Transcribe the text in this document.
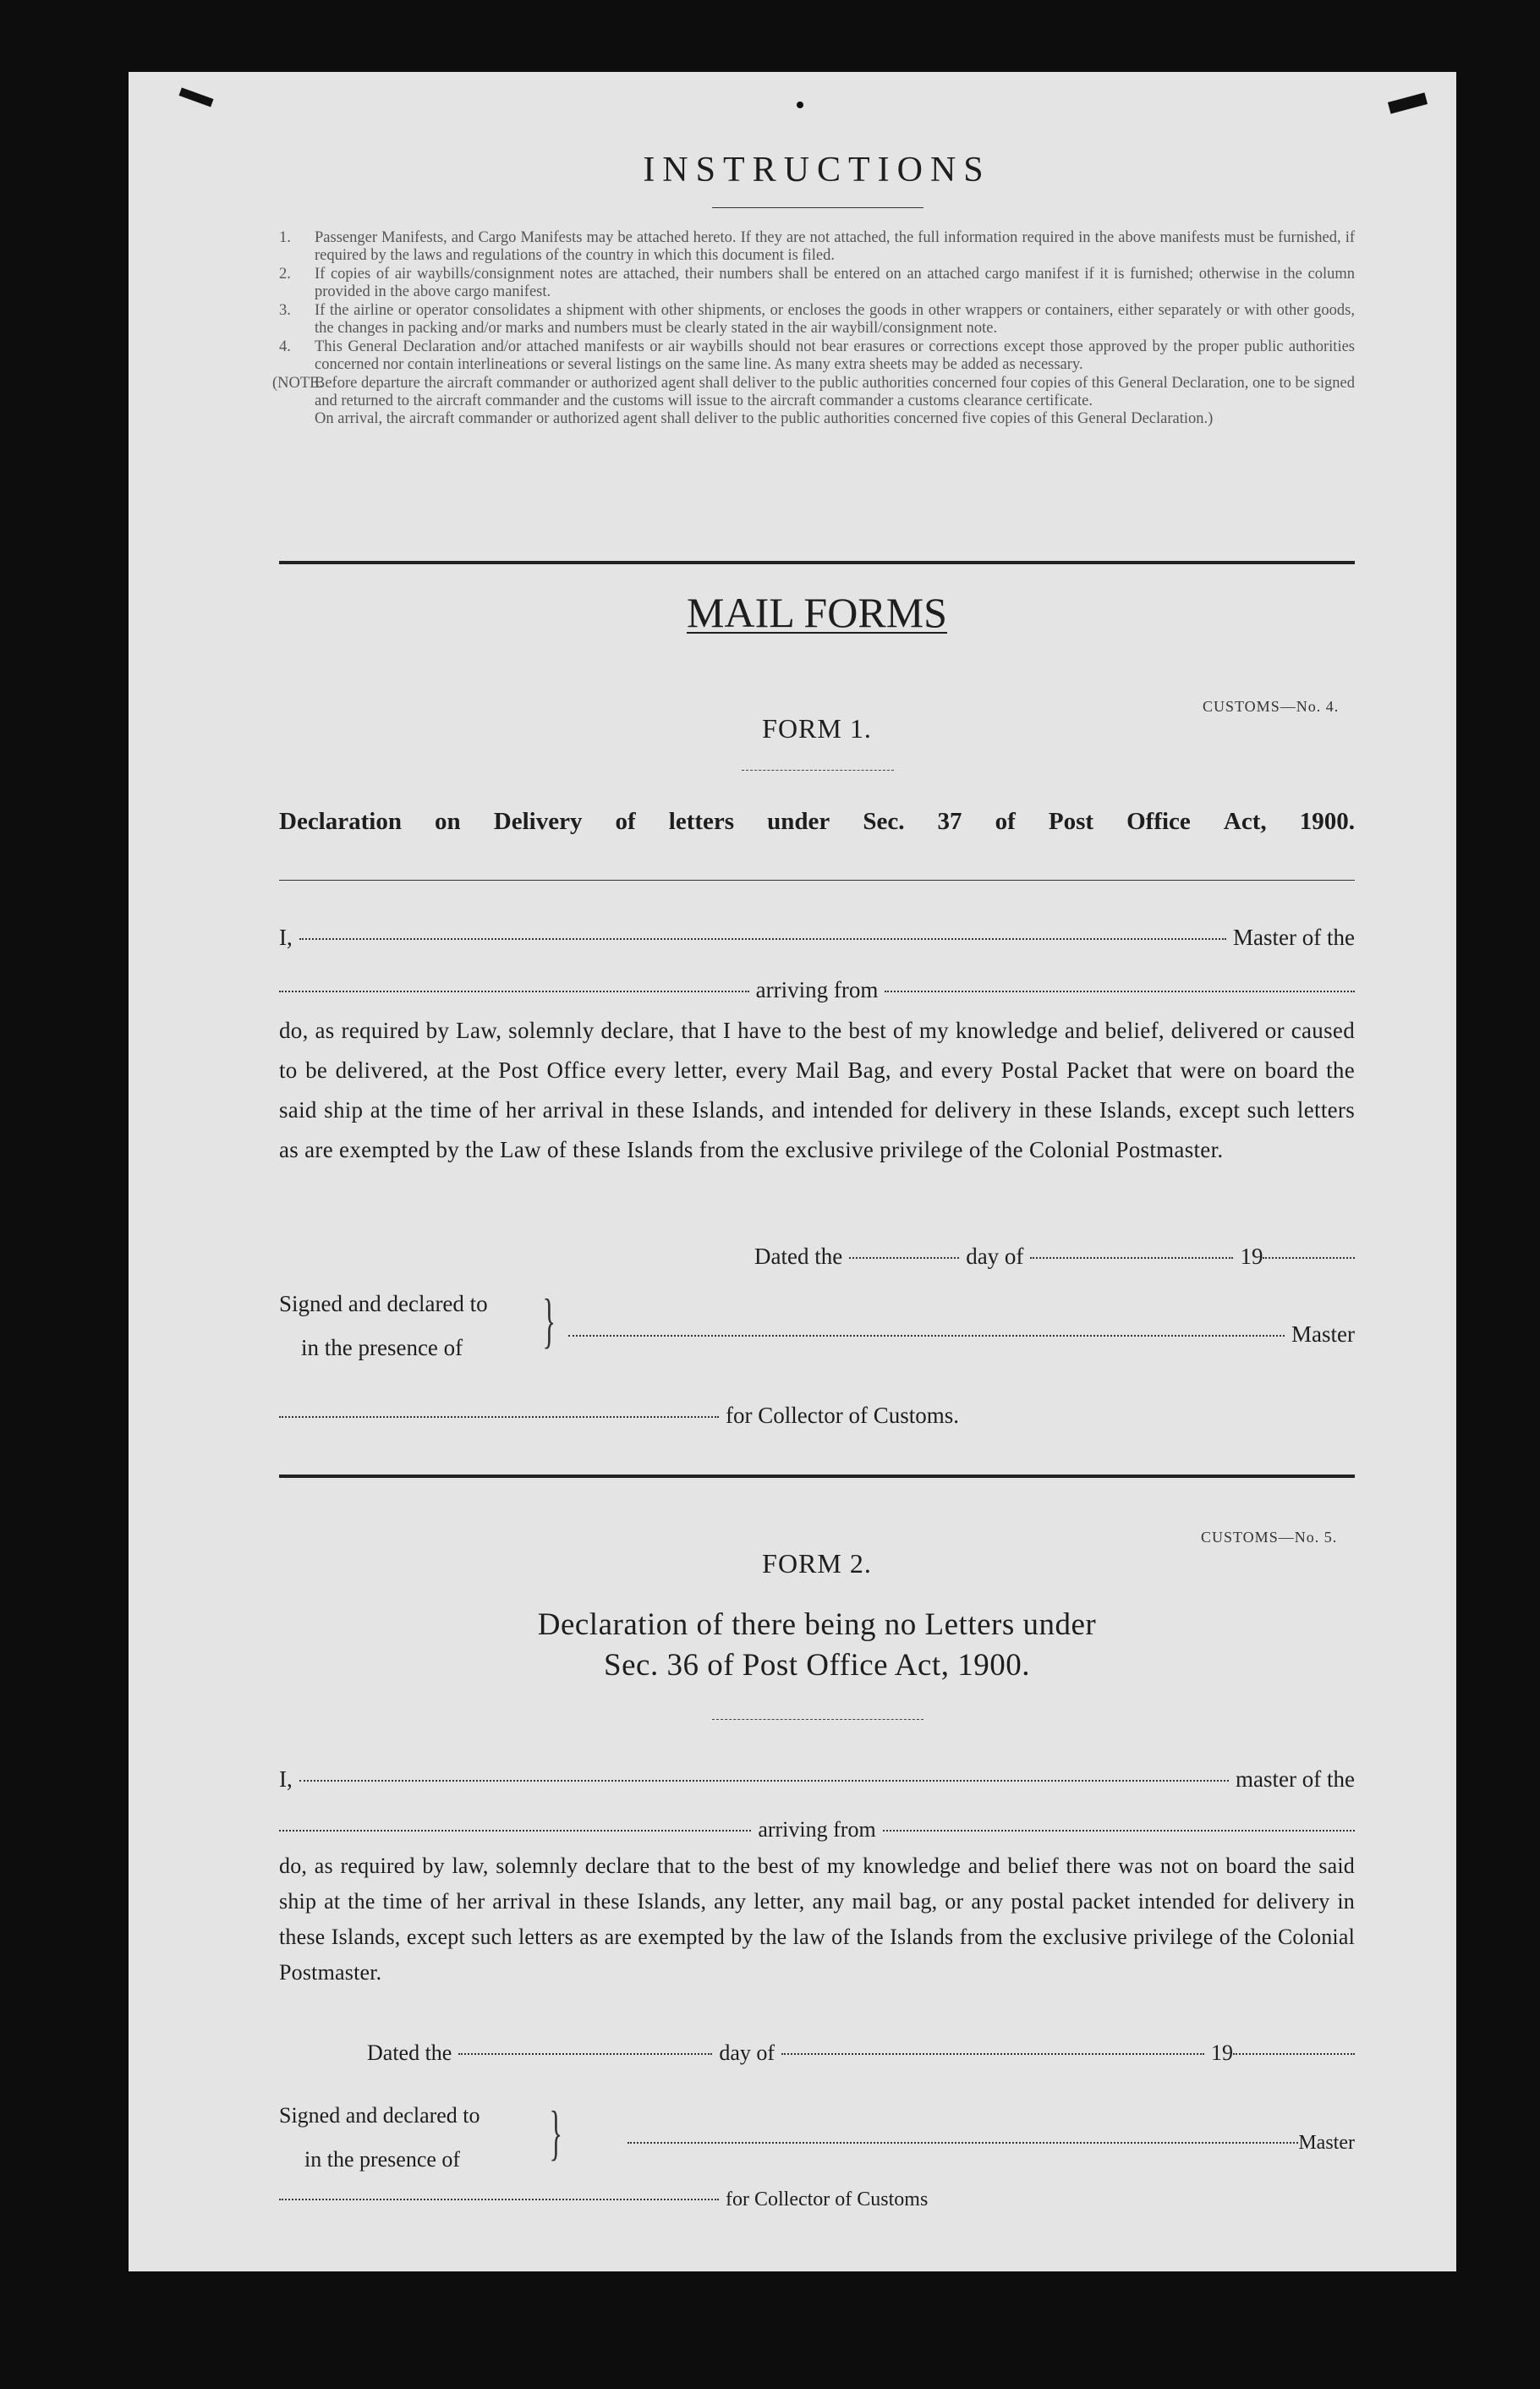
INSTRUCTIONS
1. Passenger Manifests, and Cargo Manifests may be attached hereto. If they are not attached, the full information required in the above manifests must be furnished, if required by the laws and regulations of the country in which this document is filed.
2. If copies of air waybills/consignment notes are attached, their numbers shall be entered on an attached cargo manifest if it is furnished; otherwise in the column provided in the above cargo manifest.
3. If the airline or operator consolidates a shipment with other shipments, or encloses the goods in other wrappers or containers, either separately or with other goods, the changes in packing and/or marks and numbers must be clearly stated in the air waybill/consignment note.
4. This General Declaration and/or attached manifests or air waybills should not bear erasures or corrections except those approved by the proper public authorities concerned nor contain interlineations or several listings on the same line. As many extra sheets may be added as necessary.
(NOTE.
Before departure the aircraft commander or authorized agent shall deliver to the public authorities concerned four copies of this General Declaration, one to be signed and returned to the aircraft commander and the customs will issue to the aircraft commander a customs clearance certificate.
On arrival, the aircraft commander or authorized agent shall deliver to the public authorities concerned five copies of this General Declaration.)
MAIL FORMS
CUSTOMS—No. 4.
FORM 1.
Declaration on Delivery of letters under Sec. 37 of Post Office Act, 1900.
I,	Master of the
arriving from
do, as required by Law, solemnly declare, that I have to the best of my knowledge and belief, delivered or caused to be delivered, at the Post Office every letter, every Mail Bag, and every Postal Packet that were on board the said ship at the time of her arrival in these Islands, and intended for delivery in these Islands, except such letters as are exempted by the Law of these Islands from the exclusive privilege of the Colonial Postmaster.
Dated the	day of	19
Signed and declared to
in the presence of	}	Master
for Collector of Customs.
CUSTOMS—No. 5.
FORM 2.
Declaration of there being no Letters under
Sec. 36 of Post Office Act, 1900.
I,	master of the
arriving from
do, as required by law, solemnly declare that to the best of my knowledge and belief there was not on board the said ship at the time of her arrival in these Islands, any letter, any mail bag, or any postal packet intended for delivery in these Islands, except such letters as are exempted by the law of the Islands from the exclusive privilege of the Colonial Postmaster.
Dated the	day of	19
Signed and declared to
in the presence of	}	Master
for Collector of Customs
